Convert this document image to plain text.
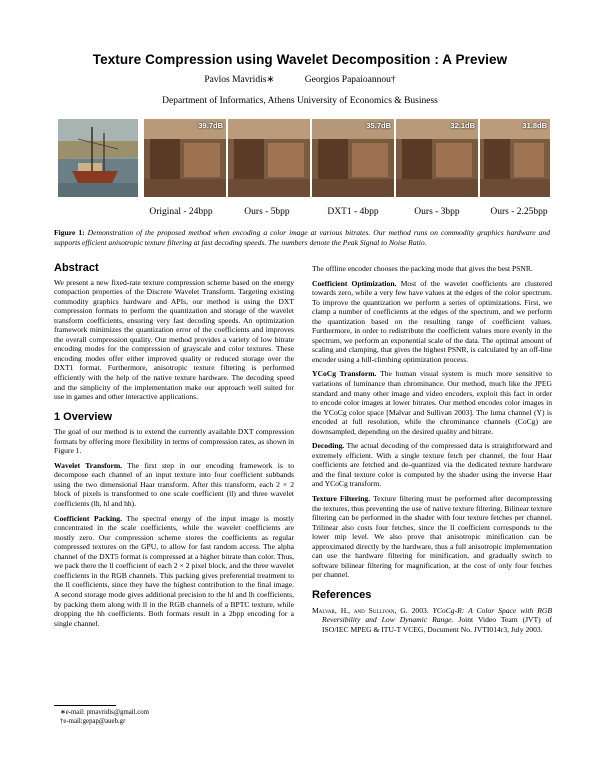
Texture Compression using Wavelet Decomposition : A Preview
Pavlos Mavridis∗	Georgios Papaioannou†
Department of Informatics, Athens University of Economics & Business
39.7dB	35.7dB	32.1dB	31.8dB
Original - 24bpp	Ours - 5bpp	DXT1 - 4bpp	Ours - 3bpp	Ours - 2.25bpp
Figure 1: Demonstration of the proposed method when encoding a color image at various bitrates. Our method runs on commodity graphics hardware and supports efficient anisotropic texture filtering at fast decoding speeds. The numbers denote the Peak Signal to Noise Ratio.
Abstract

We present a new fixed-rate texture compression scheme based on the energy compaction properties of the Discrete Wavelet Transform. Targeting existing commodity graphics hardware and APIs, our method is using the DXT compression formats to perform the quantization and storage of the wavelet transform coefficients, ensuring very fast decoding speeds. An optimization framework minimizes the quantization error of the coefficients and improves the overall compression quality. Our method provides a variety of low bitrate encoding modes for the compression of grayscale and color textures. These encoding modes offer either improved quality or reduced storage over the DXT1 format. Furthermore, anisotropic texture filtering is performed efficiently with the help of the native texture hardware. The decoding speed and the simplicity of the implementation make our approach well suited for use in games and other interactive applications.

1 Overview

The goal of our method is to extend the currently available DXT compression formats by offering more flexibility in terms of compression rates, as shown in Figure 1.

Wavelet Transform. The first step in our encoding framework is to decompose each channel of an input texture into four coefficient subbands using the two dimensional Haar transform. After this transform, each 2 × 2 block of pixels is transformed to one scale coefficient (ll) and three wavelet coefficients (lh, hl and hh).

Coefficient Packing. The spectral energy of the input image is mostly concentrated in the scale coefficients, while the wavelet coefficients are mostly zero. Our compression scheme stores the coefficients as regular compressed textures on the GPU, to allow for fast random access. The alpha channel of the DXT5 format is compressed at a higher bitrate than color. Thus, we pack there the ll coefficient of each 2 × 2 pixel block, and the three wavelet coefficients in the RGB channels. This packing gives preferential treatment to the ll coefficients, since they have the highest contribution to the final image. A second storage mode gives additional precision to the hl and lh coefficients, by packing them along with ll in the RGB channels of a BPTC texture, while dropping the hh coefficients. Both formats result in a 2bpp encoding for a single channel.

∗e-mail: pmavridis@gmail.com
†e-mail:gepap@aueb.gr

The offline encoder chooses the packing mode that gives the best PSNR.

Coefficient Optimization. Most of the wavelet coefficients are clustered towards zero, while a very few have values at the edges of the color spectrum. To improve the quantization we perform a series of optimizations. First, we clamp a number of coefficients at the edges of the spectrum, and we perform the quantization based on the resulting range of coefficient values. Furthermore, in order to redistribute the coefficient values more evenly in the spectrum, we perform an exponential scale of the data. The optimal amount of scaling and clamping, that gives the highest PSNR, is calculated by an off-line encoder using a hill-climbing optimization process.

YCoCg Transform. The human visual system is much more sensitive to variations of luminance than chrominance. Our method, much like the JPEG standard and many other image and video encoders, exploit this fact in order to encode color images at lower bitrates. Our method encodes color images in the YCoCg color space [Malvar and Sullivan 2003]. The luma channel (Y) is encoded at full resolution, while the chrominance channels (CoCg) are downsampled, depending on the desired quality and bitrate.

Decoding. The actual decoding of the compressed data is straightforward and extremely efficient. With a single texture fetch per channel, the four Haar coefficients are fetched and de-quantized via the dedicated texture hardware and the final texture color is computed by the shader using the inverse Haar and YCoCg transform.

Texture Filtering. Texture filtering must be performed after decompressing the textures, thus preventing the use of native texture filtering. Bilinear texture filtering can be performed in the shader with four texture fetches per channel. Trilinear also costs four fetches, since the ll coefficient corresponds to the lower mip level. We also prove that anisotropic minification can be approximated directly by the hardware, thus a full anisotropic implementation can use the hardware filtering for minification, and gradually switch to software bilinear filtering for magnification, at the cost of only four fetches per channel.

References

Malvar, H., and Sullivan, G. 2003. YCoCg-R: A Color Space with RGB Reversibility and Low Dynamic Range. Joint Video Team (JVT) of ISO/IEC MPEG & ITU-T VCEG, Document No. JVTI014r3, July 2003.
